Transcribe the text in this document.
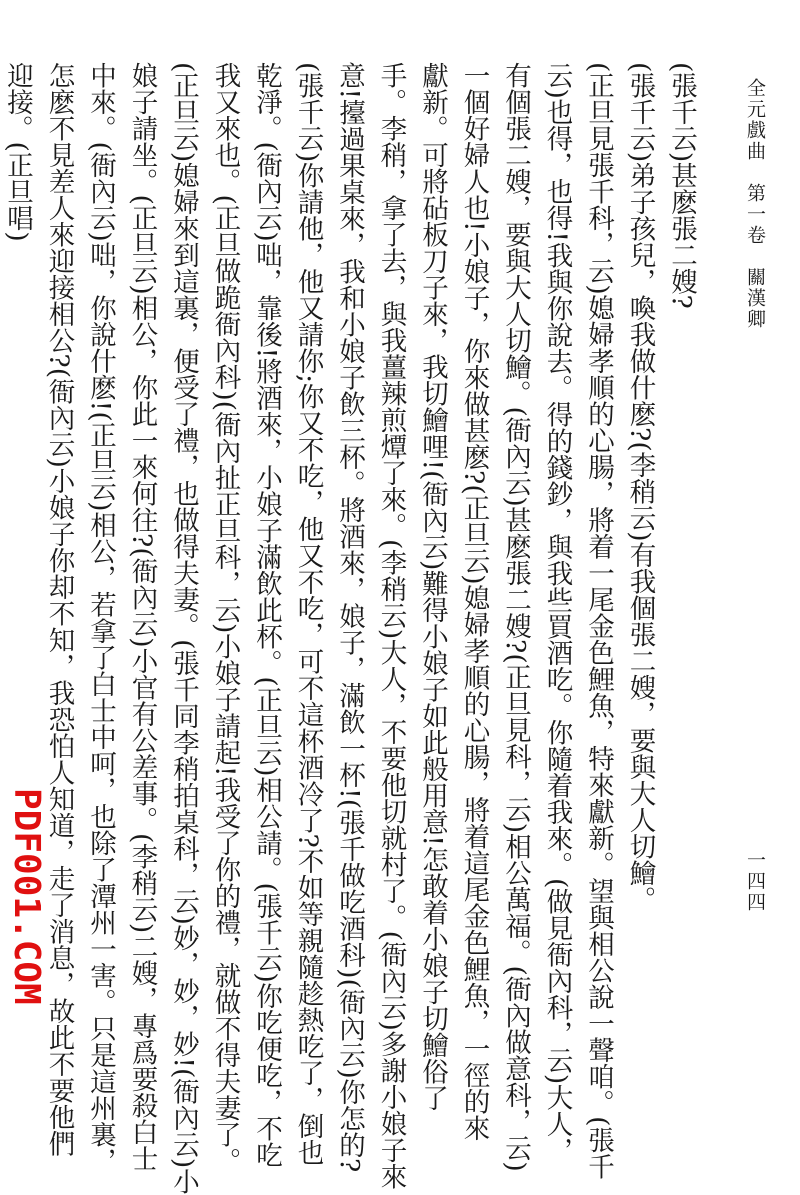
全元戲曲　第一卷　關漢卿
一四四
(張千云)甚麽張二嫂?
(張千云)弟子孩兒，喚我做什麽?(李稍云)有我個張二嫂，要與大人切鱠。
(正旦見張千科，云)媳婦孝順的心腸，將着一尾金色鯉魚，特來獻新。望與相公說一聲咱。(張千
云)也得，也得!我與你說去。得的錢鈔，與我些買酒吃。你隨着我來。(做見衙內科，云)大人，
有個張二嫂，要與大人切鱠。(衙內云)甚麽張二嫂?(正旦見科，云)相公萬福。(衙內做意科，云)
一個好婦人也!小娘子，你來做甚麽?(正旦云)媳婦孝順的心腸，將着這尾金色鯉魚，一徑的來
獻新。可將砧板刀子來，我切鱠哩!(衙內云)難得小娘子如此般用意!怎敢着小娘子切鱠俗了
手。李稍，拿了去，與我薑辣煎燂了來。(李稍云)大人，不要他切就村了。(衙內云)多謝小娘子來
意!擡過果桌來，我和小娘子飲三杯。將酒來，娘子，滿飲一杯!(張千做吃酒科)(衙內云)你怎的?
(張千云)你請他，他又請你;你又不吃，他又不吃，可不這杯酒冷了?不如等親隨趁熱吃了，倒也
乾淨。(衙內云)咄，靠後!將酒來，小娘子滿飲此杯。(正旦云)相公請。(張千云)你吃便吃，不吃
我又來也。(正旦做跪衙內科)(衙內扯正旦科，云)小娘子請起!我受了你的禮，就做不得夫妻了。
(正旦云)媳婦來到這裏，便受了禮，也做得夫妻。(張千同李稍拍桌科，云)妙，妙，妙!(衙內云)小
娘子請坐。(正旦云)相公，你此一來何往?(衙內云)小官有公差事。(李稍云)二嫂，專爲要殺白士
中來。(衙內云)咄，你說什麽!(正旦云)相公，若拿了白士中呵，也除了潭州一害。只是這州裏，
怎麽不見差人來迎接相公?(衙內云)小娘子你却不知，我恐怕人知道，走了消息，故此不要他們
迎接。(正旦唱)
PDF001.COM
